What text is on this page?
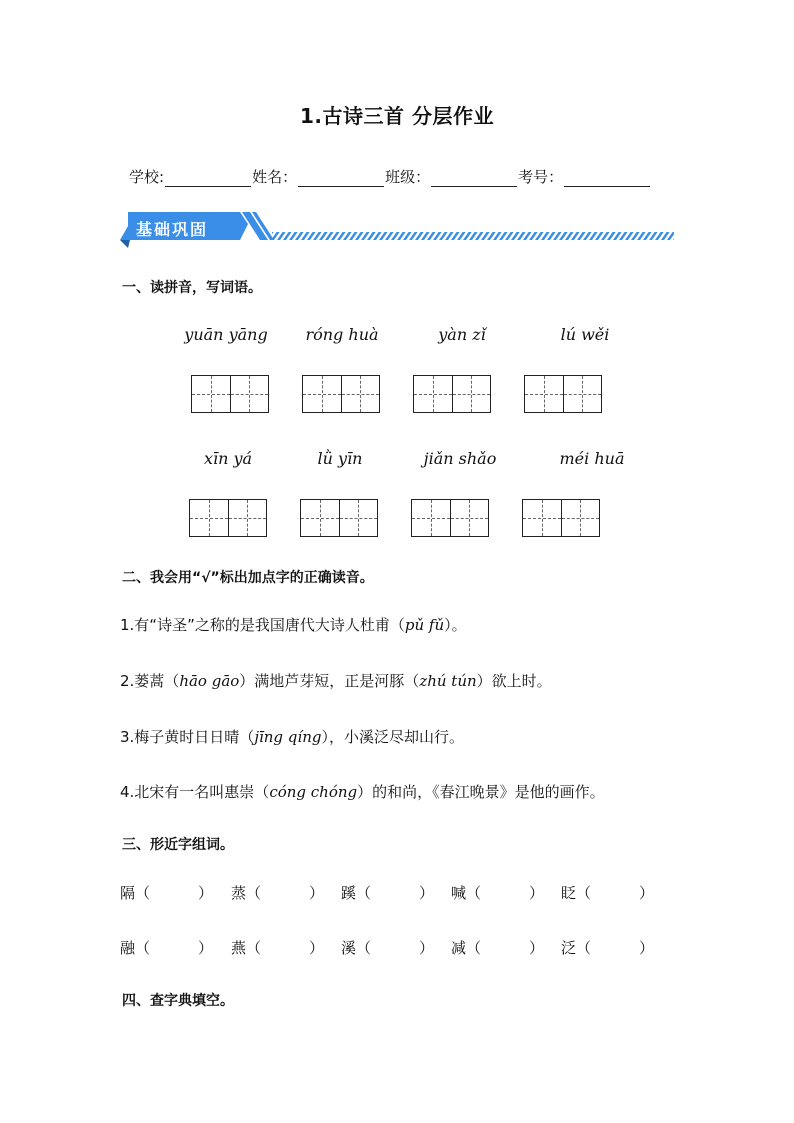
1.古诗三首 分层作业
学校:	姓名：	班级：	考号：
基础巩固
一、读拼音，写词语。
yuān yāng	róng huà	yàn zǐ	lú wěi
xīn yá	lǜ yīn	jiǎn shǎo	méi huā
二、我会用“√”标出加点字的正确读音。
1.有“诗圣”之称的是我国唐代大诗人杜甫（pǔ fǔ）。
2.蒌蒿（hāo gāo）满地芦芽短，正是河豚（zhú tún）欲上时。
3.梅子黄时日日晴（jīng qíng），小溪泛尽却山行。
4.北宋有一名叫惠崇（cóng chóng）的和尚，《春江晚景》是他的画作。
三、形近字组词。
隔（	） 蒸（	） 蹊（	） 喊（	） 眨（	）
融（	） 燕（	） 溪（	） 减（	） 泛（	）
四、查字典填空。
